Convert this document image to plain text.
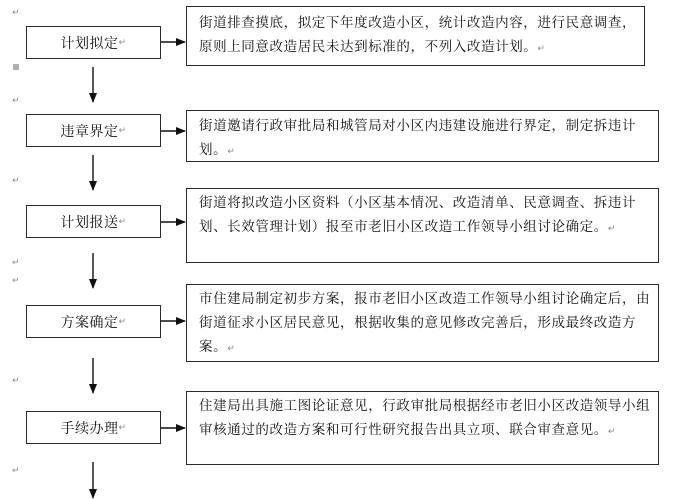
↵
↵
↵
↵
↵
↵
↵
计划拟定 ↵
街道排查摸底，拟定下年度改造小区，统计改造内容，进行民意调查，原则上同意改造居民未达到标准的，不列入改造计划。↵
违章界定 ↵	街道邀请行政审批局和城管局对小区内违建设施进行界定，制定拆违计划。↵
计划报送 ↵
街道将拟改造小区资料（小区基本情况、改造清单、民意调查、拆违计划、长效管理计划）报至市老旧小区改造工作领导小组讨论确定。↵
方案确定 ↵
市住建局制定初步方案，报市老旧小区改造工作领导小组讨论确定后，由街道征求小区居民意见，根据收集的意见修改完善后，形成最终改造方案。↵
手续办理 ↵
住建局出具施工图论证意见，行政审批局根据经市老旧小区改造领导小组审核通过的改造方案和可行性研究报告出具立项、联合审查意见。↵
